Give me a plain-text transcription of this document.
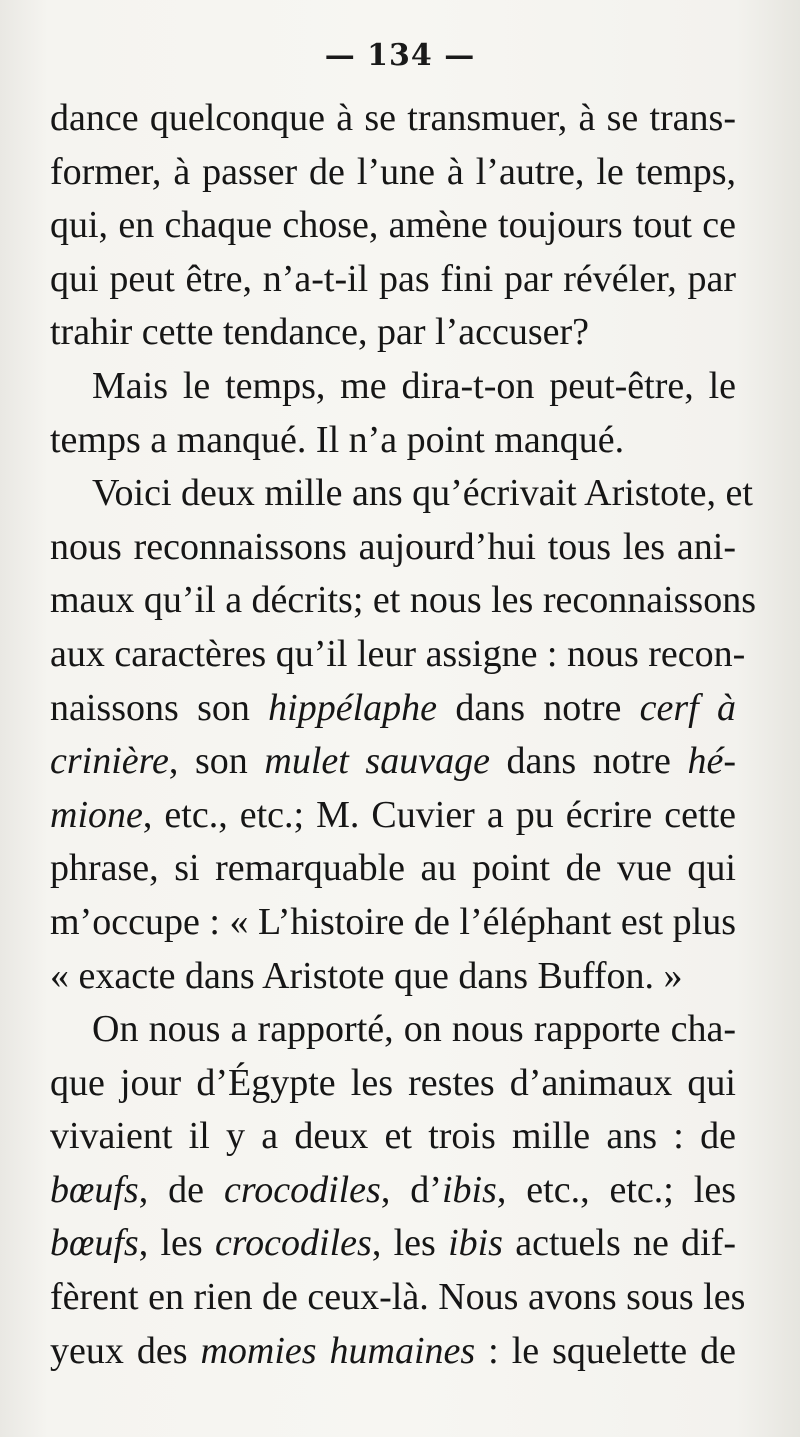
— 134 —
dance quelconque à se transmuer, à se trans-
former, à passer de l’une à l’autre, le temps,
qui, en chaque chose, amène toujours tout ce
qui peut être, n’a-t-il pas fini par révéler, par
trahir cette tendance, par l’accuser?
Mais le temps, me dira-t-on peut-être, le
temps a manqué. Il n’a point manqué.
Voici deux mille ans qu’écrivait Aristote, et
nous reconnaissons aujourd’hui tous les ani-
maux qu’il a décrits; et nous les reconnaissons
aux caractères qu’il leur assigne : nous recon-
naissons son hippélaphe dans notre cerf à
crinière, son mulet sauvage dans notre hé-
mione, etc., etc.; M. Cuvier a pu écrire cette
phrase, si remarquable au point de vue qui
m’occupe : « L’histoire de l’éléphant est plus
« exacte dans Aristote que dans Buffon. »
On nous a rapporté, on nous rapporte cha-
que jour d’Égypte les restes d’animaux qui
vivaient il y a deux et trois mille ans : de
bœufs, de crocodiles, d’ibis, etc., etc.; les
bœufs, les crocodiles, les ibis actuels ne dif-
fèrent en rien de ceux-là. Nous avons sous les
yeux des momies humaines : le squelette de
